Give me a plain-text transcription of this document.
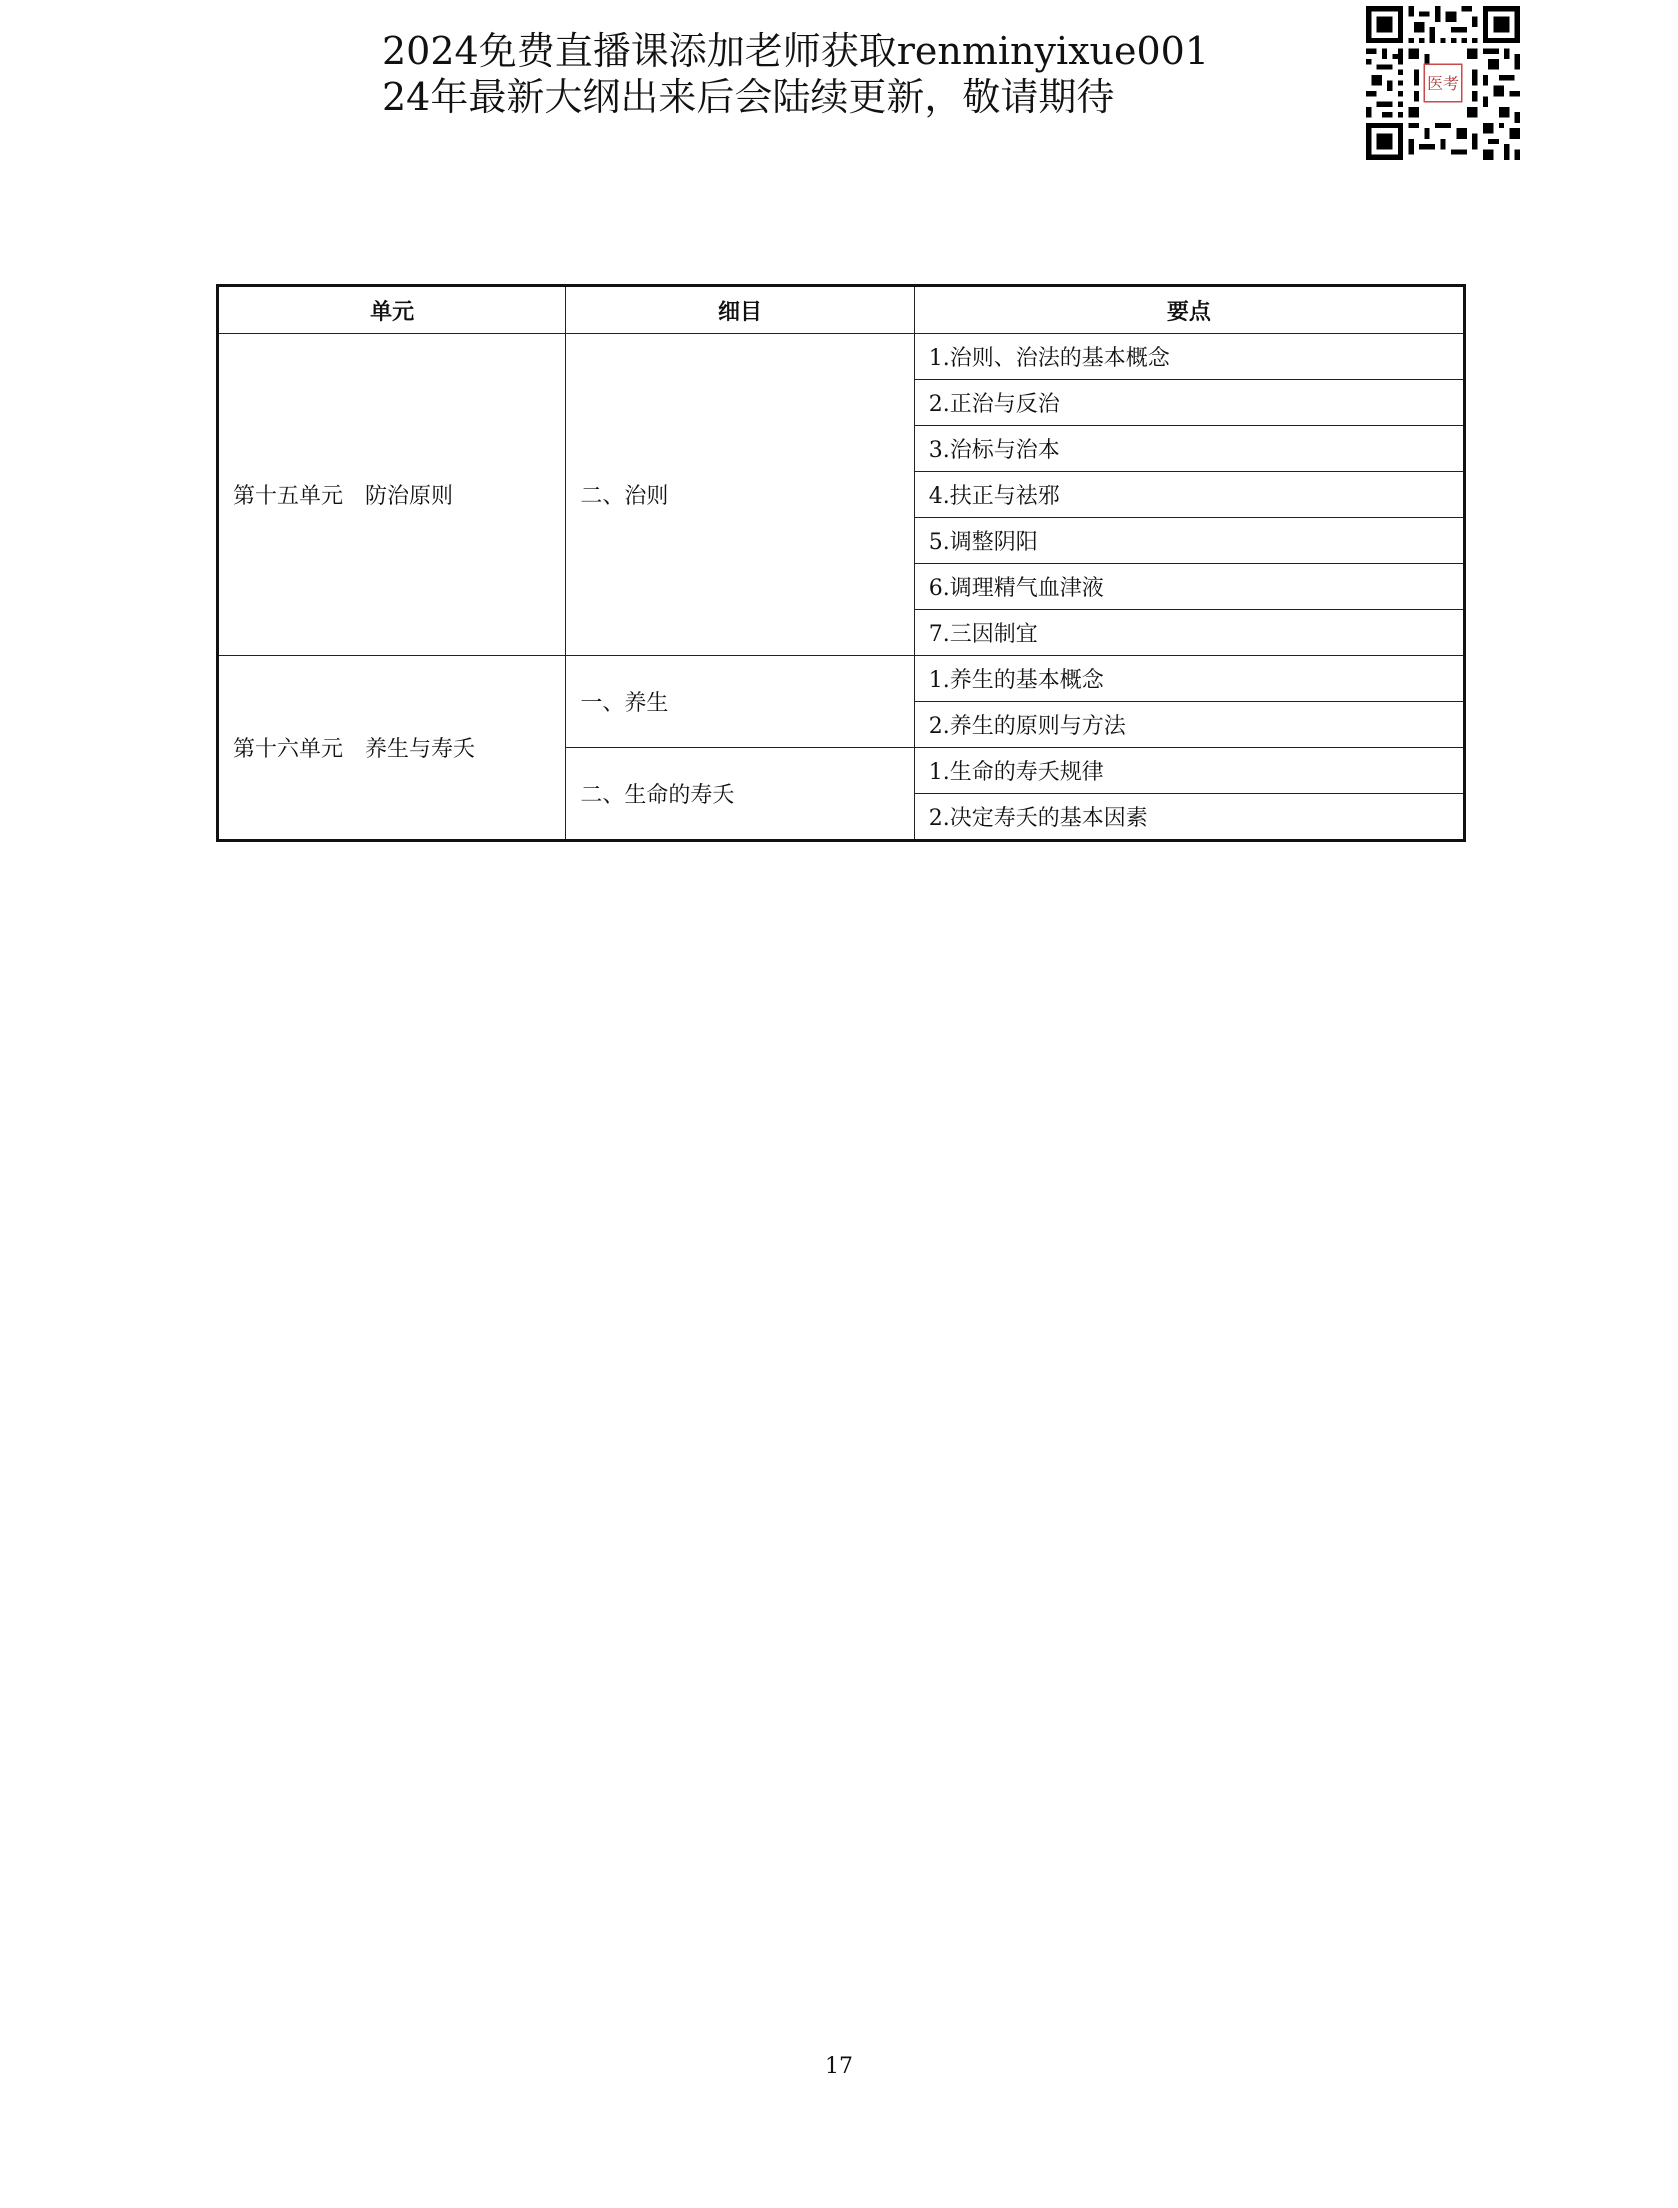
2024免费直播课添加老师获取renminyixue001
24年最新大纲出来后会陆续更新，敬请期待	医考
单元	细目	要点
第十五单元　防治原则	二、治则	1.治则、治法的基本概念
		2.正治与反治
		3.治标与治本
		4.扶正与祛邪
		5.调整阴阳
		6.调理精气血津液
		7.三因制宜
第十六单元　养生与寿夭	一、养生	1.养生的基本概念
		2.养生的原则与方法
	二、生命的寿夭	1.生命的寿夭规律
		2.决定寿夭的基本因素
17
